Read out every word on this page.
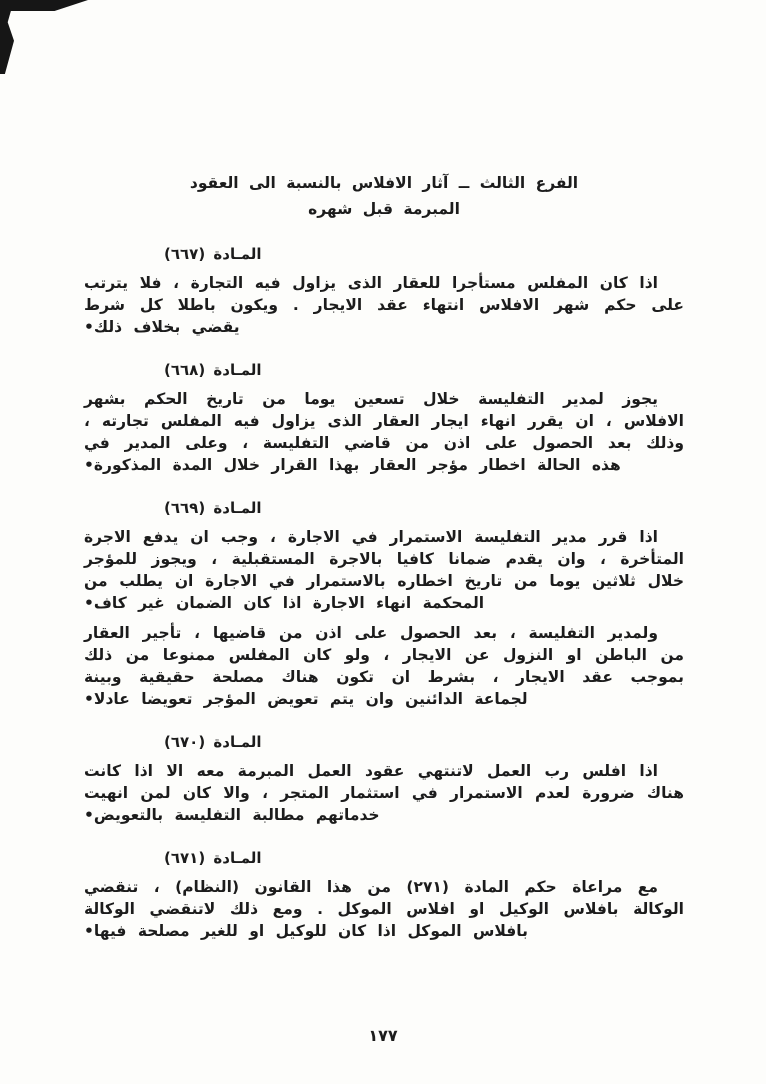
الفرع الثالث ــ آثار الافلاس بالنسبة الى العقود
المبرمة قبل شهره
المـادة (٦٦٧)

اذا كان المفلس مستأجرا للعقار الذى يزاول فيه التجارة ، فلا يترتب على حكم شهر الافلاس انتهاء عقد الايجار . ويكون باطلا كل شرط يقضي بخلاف ذلك•

المـادة (٦٦٨)

يجوز لمدير التفليسة خلال تسعين يوما من تاريخ الحكم بشهر الافلاس ، ان يقرر انهاء ايجار العقار الذى يزاول فيه المفلس تجارته ، وذلك بعد الحصول على اذن من قاضي التفليسة ، وعلى المدير في هذه الحالة اخطار مؤجر العقار بهذا القرار خلال المدة المذكورة•

المـادة (٦٦٩)

اذا قرر مدير التفليسة الاستمرار في الاجارة ، وجب ان يدفع الاجرة المتأخرة ، وان يقدم ضمانا كافيا بالاجرة المستقبلية ، ويجوز للمؤجر خلال ثلاثين يوما من تاريخ اخطاره بالاستمرار في الاجارة ان يطلب من المحكمة انهاء الاجارة اذا كان الضمان غير كاف•

ولمدير التفليسة ، بعد الحصول على اذن من قاضيها ، تأجير العقار من الباطن او النزول عن الايجار ، ولو كان المفلس ممنوعا من ذلك بموجب عقد الايجار ، بشرط ان تكون هناك مصلحة حقيقية وبينة لجماعة الدائنين وان يتم تعويض المؤجر تعويضا عادلا•

المـادة (٦٧٠)

اذا افلس رب العمل لاتنتهي عقود العمل المبرمة معه الا اذا كانت هناك ضرورة لعدم الاستمرار في استثمار المتجر ، والا كان لمن انهيت خدماتهم مطالبة التفليسة بالتعويض•

المـادة (٦٧١)

مع مراعاة حكم المادة (٢٧١) من هذا القانون (النظام) ، تنقضي الوكالة بافلاس الوكيل او افلاس الموكل . ومع ذلك لاتنقضي الوكالة بافلاس الموكل اذا كان للوكيل او للغير مصلحة فيها•

١٧٧
